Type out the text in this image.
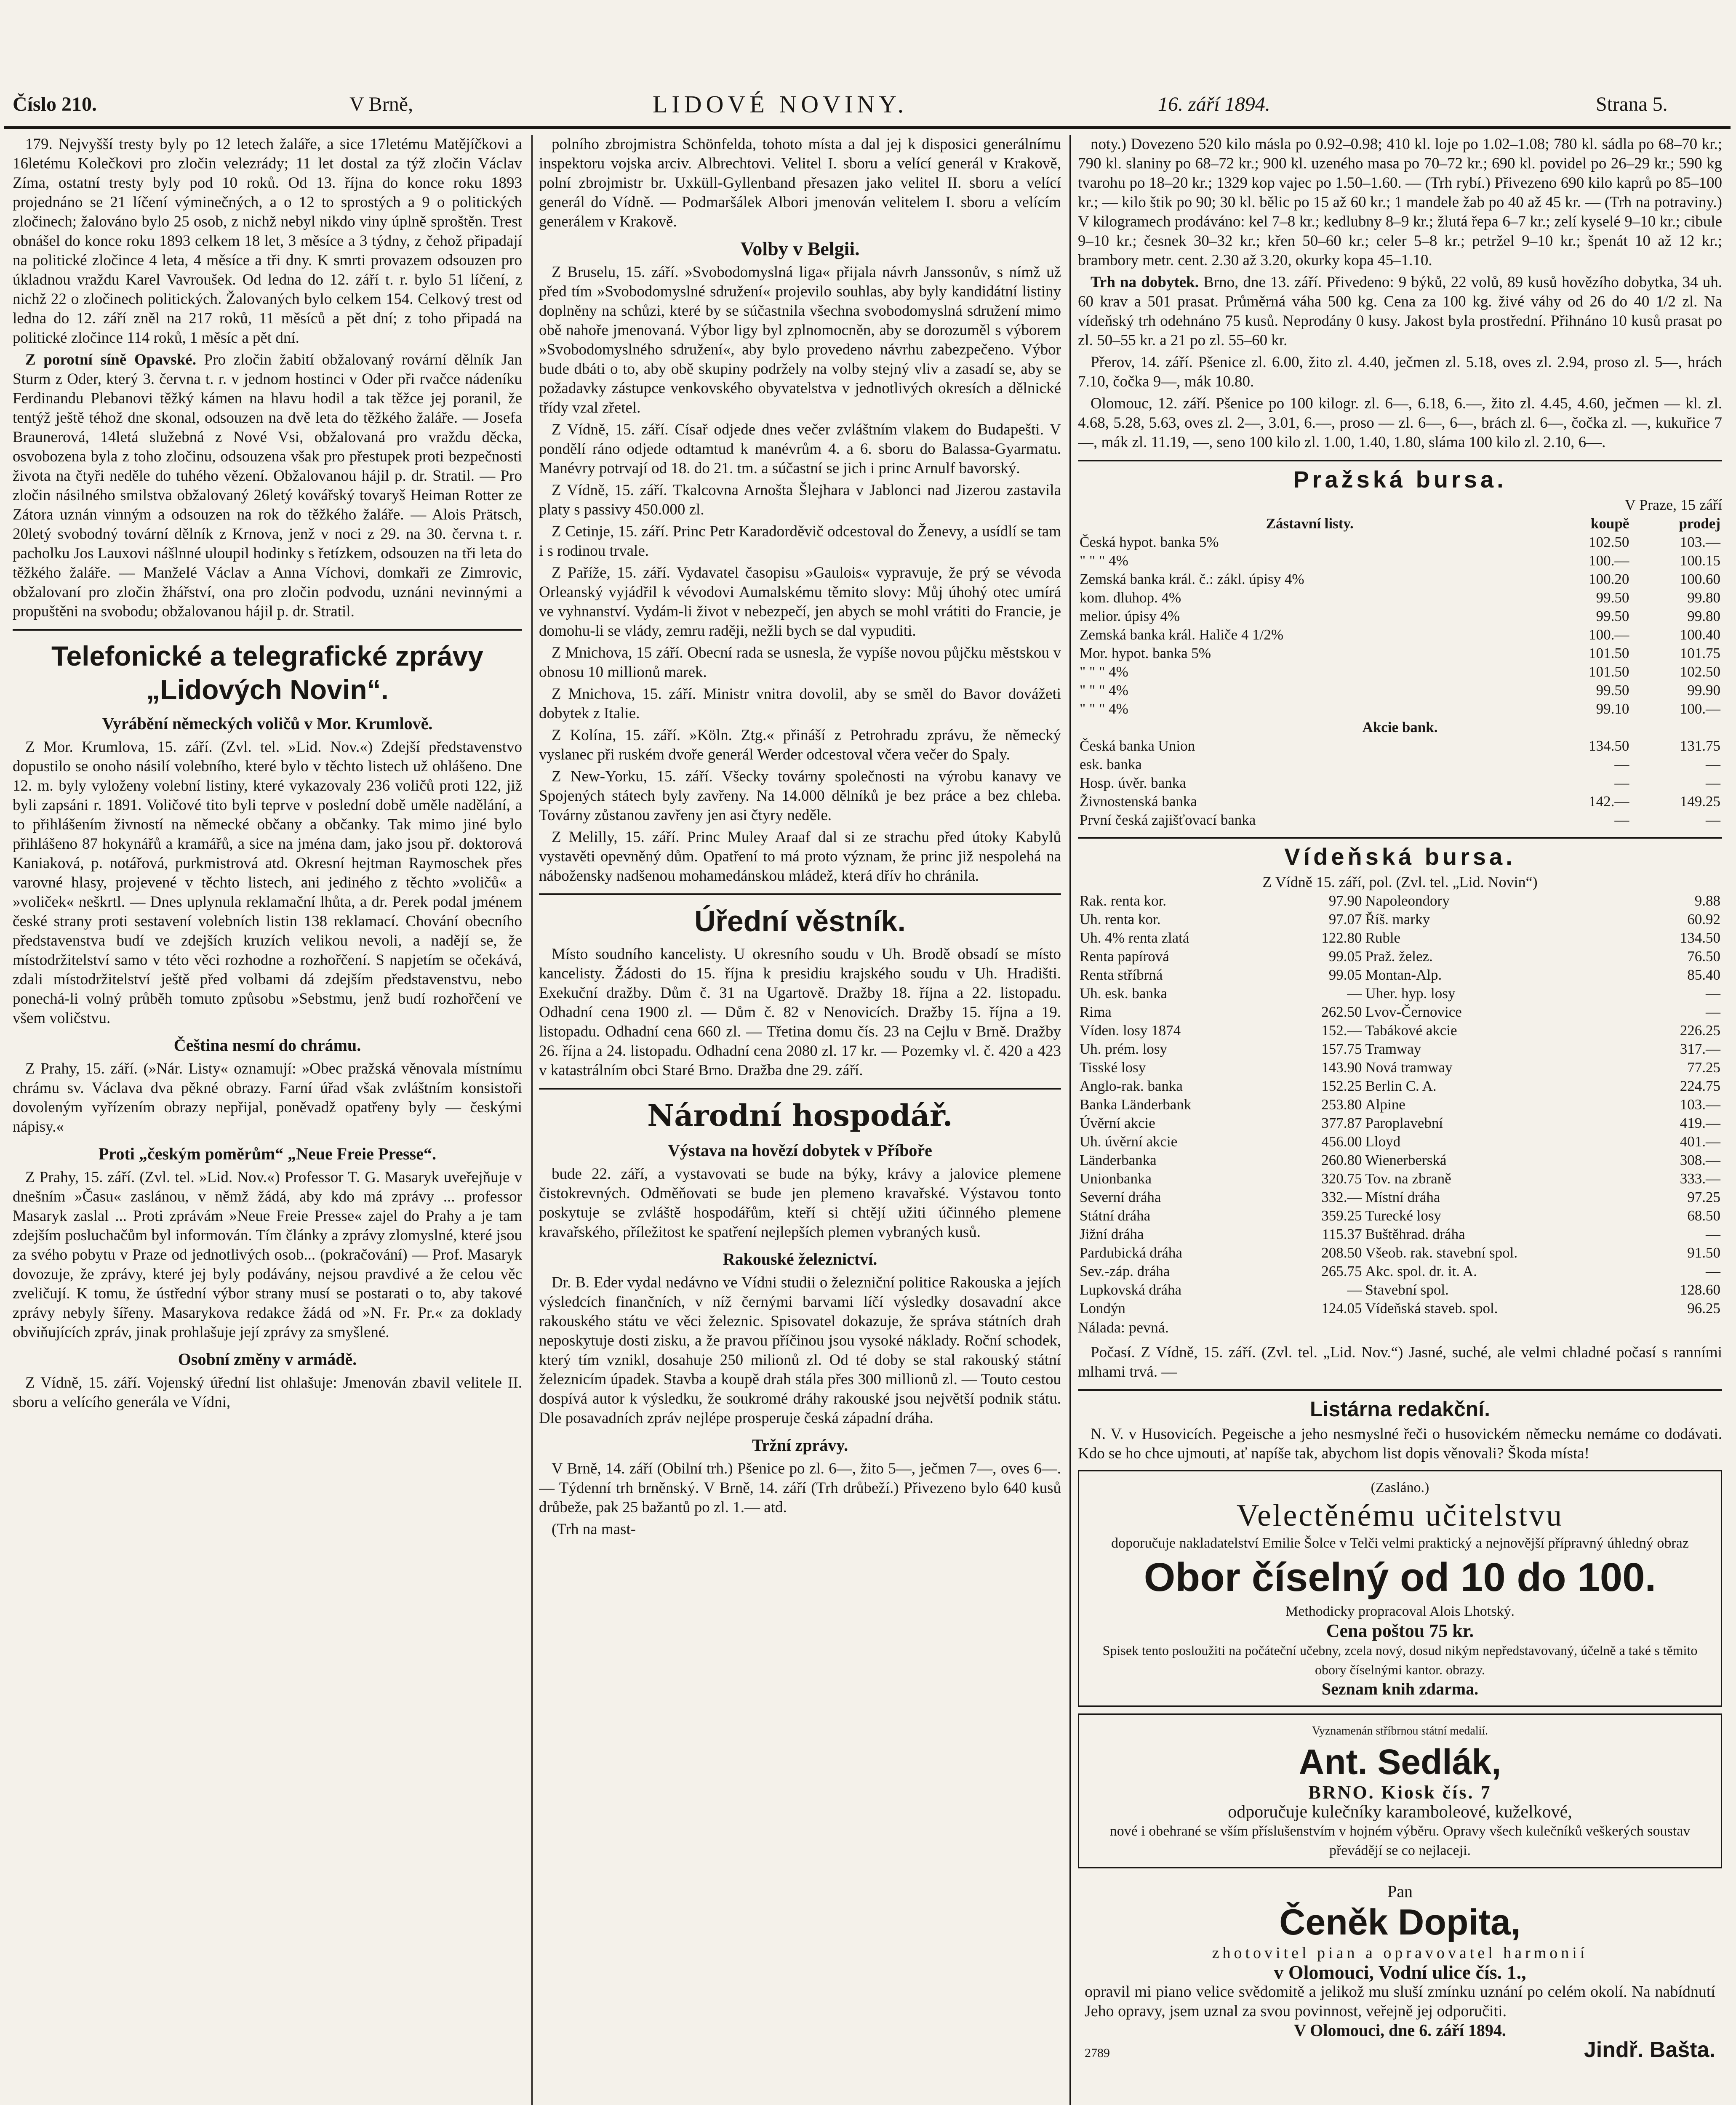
Číslo 210.	V Brně,	LIDOVÉ NOVINY.	16. září 1894.	Strana 5.

179. Nejvyšší tresty byly po 12 letech žaláře, a sice 17letému Matějíčkovi a 16letému Kolečkovi pro zločin velezrády; 11 let dostal za týž zločin Václav Zíma, ostatní tresty byly pod 10 roků. Od 13. října do konce roku 1893 projednáno se 21 líčení výminečných, a o 12 to sprostých a 9 o politických zločinech; žalováno bylo 25 osob, z nichž nebyl nikdo viny úplně sproštěn. Trest obnášel do konce roku 1893 celkem 18 let, 3 měsíce a 3 týdny, z čehož připadají na politické zločince 4 leta, 4 měsíce a tři dny. K smrti provazem odsouzen pro úkladnou vraždu Karel Vavroušek. Od ledna do 12. září t. r. bylo 51 líčení, z nichž 22 o zločinech politických. Žalovaných bylo celkem 154. Celkový trest od ledna do 12. září zněl na 217 roků, 11 měsíců a pět dní; z toho připadá na politické zločince 114 roků, 1 měsíc a pět dní.

Z porotní síně Opavské. Pro zločin žabití obžalovaný rovární dělník Jan Sturm z Oder, který 3. června t. r. v jednom hostinci v Oder při rvačce nádeníku Ferdinandu Plebanovi těžký kámen na hlavu hodil a tak těžce jej poranil, že tentýž ještě téhož dne skonal, odsouzen na dvě leta do těžkého žaláře. — Josefa Braunerová, 14letá služebná z Nové Vsi, obžalovaná pro vraždu děcka, osvobozena byla z toho zločinu, odsouzena však pro přestupek proti bezpečnosti života na čtyři neděle do tuhého vězení. Obžalovanou hájil p. dr. Stratil. — Pro zločin násilného smilstva obžalovaný 26letý kovářský tovaryš Heiman Rotter ze Zátora uznán vinným a odsouzen na rok do těžkého žaláře. — Alois Prätsch, 20letý svobodný tovární dělník z Krnova, jenž v noci z 29. na 30. června t. r. pacholku Jos Lauxovi nášlnné uloupil hodinky s řetízkem, odsouzen na tři leta do těžkého žaláře. — Manželé Václav a Anna Víchovi, domkaři ze Zimrovic, obžalovaní pro zločin žhářství, ona pro zločin podvodu, uznáni nevinnými a propuštěni na svobodu; obžalovanou hájil p. dr. Stratil.

Telefonické a telegrafické zprávy „Lidových Novin“.
Vyrábění německých voličů v Mor. Krumlově.

Z Mor. Krumlova, 15. září. (Zvl. tel. »Lid. Nov.«) Zdejší představenstvo dopustilo se onoho násilí volebního, které bylo v těchto listech už ohlášeno. Dne 12. m. byly vyloženy volební listiny, které vykazovaly 236 voličů proti 122, již byli zapsáni r. 1891. Voličové tito byli teprve v poslední době uměle nadělání, a to přihlášením živností na německé občany a občanky. Tak mimo jiné bylo přihlášeno 87 hokynářů a kramářů, a sice na jména dam, jako jsou př. doktorová Kaniaková, p. notářová, purkmistrová atd. Okresní hejtman Raymoschek přes varovné hlasy, projevené v těchto listech, ani jediného z těchto »voličů« a »voliček« neškrtl. — Dnes uplynula reklamační lhůta, a dr. Perek podal jménem české strany proti sestavení volebních listin 138 reklamací. Chování obecního představenstva budí ve zdejších kruzích velikou nevoli, a nadějí se, že místodržitelství samo v této věci rozhodne a rozhořčení. S napjetím se očekává, zdali místodržitelství ještě před volbami dá zdejším představenstvu, nebo ponechá-li volný průběh tomuto způsobu »Sebstmu, jenž budí rozhořčení ve všem voličstvu.

Čeština nesmí do chrámu.

Z Prahy, 15. září. (»Nár. Listy« oznamují: »Obec pražská věnovala místnímu chrámu sv. Václava dva pěkné obrazy. Farní úřad však zvláštním konsistoři dovoleným vyřízením obrazy nepřijal, poněvadž opatřeny byly — českými nápisy.«

Proti „českým poměrům“ „Neue Freie Presse“.

Z Prahy, 15. září. (Zvl. tel. »Lid. Nov.«) Professor T. G. Masaryk uveřejňuje v dnešním »Času« zaslánou, v němž žádá, aby kdo má zprávy ... professor Masaryk zaslal ... Proti zprávám »Neue Freie Presse« zajel do Prahy a je tam zdejším posluchačům byl informován. Tím články a zprávy zlomyslné, které jsou za svého pobytu v Praze od jednotlivých osob... (pokračování) — Prof. Masaryk dovozuje, že zprávy, které jej byly podávány, nejsou pravdivé a že celou věc zveličují. K tomu, že ústřední výbor strany musí se postarati o to, aby takové zprávy nebyly šířeny. Masarykova redakce žádá od »N. Fr. Pr.« za doklady obviňujících zpráv, jinak prohlašuje její zprávy za smyšlené.

Osobní změny v armádě.

Z Vídně, 15. září. Vojenský úřední list ohlašuje: Jmenován zbavil velitele II. sboru a velícího generála ve Vídni,

polního zbrojmistra Schönfelda, tohoto místa a dal jej k disposici generálnímu inspektoru vojska arciv. Albrechtovi. Velitel I. sboru a velící generál v Krakově, polní zbrojmistr br. Uxküll-Gyllenband přesazen jako velitel II. sboru a velící generál do Vídně. — Podmaršálek Albori jmenován velitelem I. sboru a velícím generálem v Krakově.

Volby v Belgii.

Z Bruselu, 15. září. »Svobodomyslná liga« přijala návrh Janssonův, s nímž už před tím »Svobodomyslné sdružení« projevilo souhlas, aby byly kandidátní listiny doplněny na schůzi, které by se súčastnila všechna svobodomyslná sdružení mimo obě nahoře jmenovaná. Výbor ligy byl zplnomocněn, aby se dorozuměl s výborem »Svobodomyslného sdružení«, aby bylo provedeno návrhu zabezpečeno. Výbor bude dbáti o to, aby obě skupiny podržely na volby stejný vliv a zasadí se, aby se požadavky zástupce venkovského obyvatelstva v jednotlivých okresích a dělnické třídy vzal zřetel.

Z Vídně, 15. září. Císař odjede dnes večer zvláštním vlakem do Budapešti. V pondělí ráno odjede odtamtud k manévrům 4. a 6. sboru do Balassa-Gyarmatu. Manévry potrvají od 18. do 21. tm. a súčastní se jich i princ Arnulf bavorský.

Z Vídně, 15. září. Tkalcovna Arnošta Šlejhara v Jablonci nad Jizerou zastavila platy s passivy 450.000 zl.

Z Cetinje, 15. září. Princ Petr Karadorděvič odcestoval do Ženevy, a usídlí se tam i s rodinou trvale.

Z Paříže, 15. září. Vydavatel časopisu »Gaulois« vypravuje, že prý se vévoda Orleanský vyjádřil k vévodovi Aumalskému těmito slovy: Můj úhohý otec umírá ve vyhnanství. Vydám-li život v nebezpečí, jen abych se mohl vrátiti do Francie, je domohu-li se vlády, zemru raději, nežli bych se dal vypuditi.

Z Mnichova, 15 září. Obecní rada se usnesla, že vypíše novou půjčku městskou v obnosu 10 millionů marek.

Z Mnichova, 15. září. Ministr vnitra dovolil, aby se směl do Bavor dovážeti dobytek z Italie.

Z Kolína, 15. září. »Köln. Ztg.« přináší z Petrohradu zprávu, že německý vyslanec při ruském dvoře generál Werder odcestoval včera večer do Spaly.

Z New-Yorku, 15. září. Všecky továrny společnosti na výrobu kanavy ve Spojených státech byly zavřeny. Na 14.000 dělníků je bez práce a bez chleba. Továrny zůstanou zavřeny jen asi čtyry neděle.

Z Melilly, 15. září. Princ Muley Araaf dal si ze strachu před útoky Kabylů vystavěti opevněný dům. Opatření to má proto význam, že princ již nespolehá na nábožensky nadšenou mohamedánskou mládež, která dřív ho chránila.

Úřední věstník.

Místo soudního kancelisty. U okresního soudu v Uh. Brodě obsadí se místo kancelisty. Žádosti do 15. října k presidiu krajského soudu v Uh. Hradišti. Exekuční dražby. Dům č. 31 na Ugartově. Dražby 18. října a 22. listopadu. Odhadní cena 1900 zl. — Dům č. 82 v Nenovicích. Dražby 15. října a 19. listopadu. Odhadní cena 660 zl. — Třetina domu čís. 23 na Cejlu v Brně. Dražby 26. října a 24. listopadu. Odhadní cena 2080 zl. 17 kr. — Pozemky vl. č. 420 a 423 v katastrálním obci Staré Brno. Dražba dne 29. září.

Národní hospodář.
Výstava na hovězí dobytek v Příboře

bude 22. září, a vystavovati se bude na býky, krávy a jalovice plemene čistokrevných. Odměňovati se bude jen plemeno kravařské. Výstavou tonto poskytuje se zvláště hospodářům, kteří si chtějí užiti účinného plemene kravařského, příležitost ke spatření nejlepších plemen vybraných kusů.

Rakouské železnictví.

Dr. B. Eder vydal nedávno ve Vídni studii o železniční politice Rakouska a jejích výsledcích finančních, v níž černými barvami líčí výsledky dosavadní akce rakouského státu ve věci železnic. Spisovatel dokazuje, že správa státních drah neposkytuje dosti zisku, a že pravou příčinou jsou vysoké náklady. Roční schodek, který tím vznikl, dosahuje 250 milionů zl. Od té doby se stal rakouský státní železnicím úpadek. Stavba a koupě drah stála přes 300 millionů zl. — Touto cestou dospívá autor k výsledku, že soukromé dráhy rakouské jsou největší podnik státu. Dle posavadních zpráv nejlépe prosperuje česká západní dráha.

Tržní zprávy.

V Brně, 14. září (Obilní trh.) Pšenice po zl. 6—, žito 5—, ječmen 7—, oves 6—. — Týdenní trh brněnský. V Brně, 14. září (Trh drůbeží.) Přivezeno bylo 640 kusů drůbeže, pak 25 bažantů po zl. 1.— atd.

(Trh na mast-

noty.) Dovezeno 520 kilo másla po 0.92–0.98; 410 kl. loje po 1.02–1.08; 780 kl. sádla po 68–70 kr.; 790 kl. slaniny po 68–72 kr.; 900 kl. uzeného masa po 70–72 kr.; 690 kl. povidel po 26–29 kr.; 590 kg tvarohu po 18–20 kr.; 1329 kop vajec po 1.50–1.60. — (Trh rybí.) Přivezeno 690 kilo kaprů po 85–100 kr.; — kilo štik po 90; 30 kl. bělic po 15 až 60 kr.; 1 mandele žab po 40 až 45 kr. — (Trh na potraviny.) V kilogramech prodáváno: kel 7–8 kr.; kedlubny 8–9 kr.; žlutá řepa 6–7 kr.; zelí kyselé 9–10 kr.; cibule 9–10 kr.; česnek 30–32 kr.; křen 50–60 kr.; celer 5–8 kr.; petržel 9–10 kr.; špenát 10 až 12 kr.; brambory metr. cent. 2.30 až 3.20, okurky kopa 45–1.10.

Trh na dobytek. Brno, dne 13. září. Přivedeno: 9 býků, 22 volů, 89 kusů hovězího dobytka, 34 uh. 60 krav a 501 prasat. Průměrná váha 500 kg. Cena za 100 kg. živé váhy od 26 do 40 1/2 zl. Na vídeňský trh odehnáno 75 kusů. Neprodány 0 kusy. Jakost byla prostřední. Přihnáno 10 kusů prasat po zl. 50–55 kr. a 21 po zl. 55–60 kr.

Přerov, 14. září. Pšenice zl. 6.00, žito zl. 4.40, ječmen zl. 5.18, oves zl. 2.94, proso zl. 5—, hrách 7.10, čočka 9—, mák 10.80.

Olomouc, 12. září. Pšenice po 100 kilogr. zl. 6—, 6.18, 6.—, žito zl. 4.45, 4.60, ječmen — kl. zl. 4.68, 5.28, 5.63, oves zl. 2—, 3.01, 6.—, proso — zl. 6—, 6—, brách zl. 6—, čočka zl. —, kukuřice 7—, mák zl. 11.19, —, seno 100 kilo zl. 1.00, 1.40, 1.80, sláma 100 kilo zl. 2.10, 6—.

Pražská bursa.
V Praze, 15 září
Zástavní listy.	koupě	prodej
Česká hypot. banka 5%	102.50	103.—
" " " 4%	100.—	100.15
Zemská banka král. č.: zákl. úpisy 4%	100.20	100.60
kom. dluhop. 4%	99.50	99.80
melior. úpisy 4%	99.50	99.80
Zemská banka král. Haliče 4 1/2%	100.—	100.40
Mor. hypot. banka 5%	101.50	101.75
" " " 4%	101.50	102.50
" " " 4%	99.50	99.90
" " " 4%	99.10	100.—
Akcie bank.		
Česká banka Union	134.50	131.75
esk. banka	—	—
Hosp. úvěr. banka	—	—
Živnostenská banka	142.—	149.25
První česká zajišťovací banka	—	—
Vídeňská bursa.
Z Vídně 15. září, pol. (Zvl. tel. „Lid. Novin“)
Rak. renta kor.	97.90	Napoleondory	9.88
Uh. renta kor.	97.07	Říš. marky	60.92
Uh. 4% renta zlatá	122.80	Ruble	134.50
Renta papírová	99.05	Praž. želez.	76.50
Renta stříbrná	99.05	Montan-Alp.	85.40
Uh. esk. banka	—	Uher. hyp. losy	—
Rima	262.50	Lvov-Černovice	—
Víden. losy 1874	152.—	Tabákové akcie	226.25
Uh. prém. losy	157.75	Tramway	317.—
Tisské losy	143.90	Nová tramway	77.25
Anglo-rak. banka	152.25	Berlin C. A.	224.75
Banka Länderbank	253.80	Alpine	103.—
Úvěrní akcie	377.87	Paroplavební	419.—
Uh. úvěrní akcie	456.00	Lloyd	401.—
Länderbanka	260.80	Wienerberská	308.—
Unionbanka	320.75	Tov. na zbraně	333.—
Severní dráha	332.—	Místní dráha	97.25
Státní dráha	359.25	Turecké losy	68.50
Jižní dráha	115.37	Buštěhrad. dráha	—
Pardubická dráha	208.50	Všeob. rak. stavební spol.	91.50
Sev.-záp. dráha	265.75	Akc. spol. dr. it. A.	—
Lupkovská dráha	—	Stavební spol.	128.60
Londýn	124.05	Vídeňská staveb. spol.	96.25
Nálada: pevná.

Počasí. Z Vídně, 15. září. (Zvl. tel. „Lid. Nov.“) Jasné, suché, ale velmi chladné počasí s ranními mlhami trvá. —

Listárna redakční.

N. V. v Husovicích. Pegeische a jeho nesmyslné řeči o husovickém německu nemáme co dodávati. Kdo se ho chce ujmouti, ať napíše tak, abychom list dopis věnovali? Škoda místa!

(Zasláno.)
Velectěnému učitelstvu
doporučuje nakladatelství Emilie Šolce v Telči velmi praktický a nejnovější přípravný úhledný obraz
Obor číselný od 10 do 100.
Methodicky propracoval Alois Lhotský.
Cena poštou 75 kr.
Spisek tento posloužiti na počáteční učebny, zcela nový, dosud nikým nepředstavovaný, účelně a také s těmito obory číselnými kantor. obrazy.
Seznam knih zdarma.
Vyznamenán stříbrnou státní medalií.
Ant. Sedlák,
BRNO. Kiosk čís. 7
odporučuje kulečníky karamboleové, kuželkové,
nové i obehrané se vším příslušenstvím v hojném výběru. Opravy všech kulečníků veškerých soustav převádějí se co nejlaceji.
Pan
Čeněk Dopita,
zhotovitel pian a opravovatel harmonií
v Olomouci, Vodní ulice čís. 1.,
opravil mi piano velice svědomitě a jelikož mu sluší zmínku uznání po celém okolí. Na nabídnutí Jeho opravy, jsem uznal za svou povinnost, veřejně jej odporučiti.
V Olomouci, dne 6. září 1894.
2789	Jindř. Bašta.
